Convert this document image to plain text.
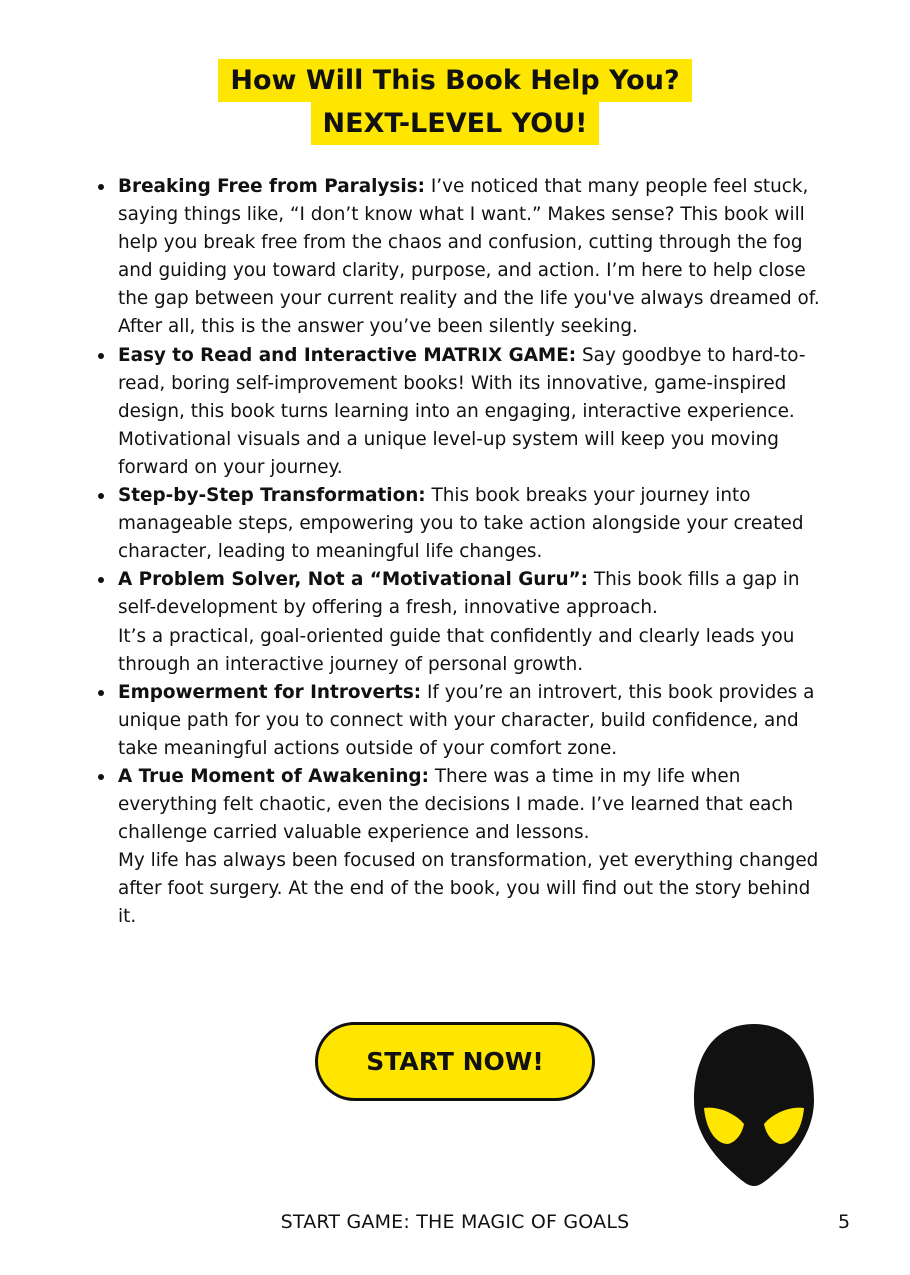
How Will This Book Help You?
NEXT-LEVEL YOU!
Breaking Free from Paralysis: I’ve noticed that many people feel stuck, saying things like, “I don’t know what I want.” Makes sense? This book will help you break free from the chaos and confusion, cutting through the fog and guiding you toward clarity, purpose, and action. I’m here to help close the gap between your current reality and the life you've always dreamed of. After all, this is the answer you’ve been silently seeking.
Easy to Read and Interactive MATRIX GAME: Say goodbye to hard-to-read, boring self-improvement books! With its innovative, game-inspired design, this book turns learning into an engaging, interactive experience. Motivational visuals and a unique level-up system will keep you moving forward on your journey.
Step-by-Step Transformation: This book breaks your journey into manageable steps, empowering you to take action alongside your created character, leading to meaningful life changes.
A Problem Solver, Not a “Motivational Guru”: This book fills a gap in self-development by offering a fresh, innovative approach.
It’s a practical, goal-oriented guide that confidently and clearly leads you through an interactive journey of personal growth.
Empowerment for Introverts: If you’re an introvert, this book provides a unique path for you to connect with your character, build confidence, and take meaningful actions outside of your comfort zone.
A True Moment of Awakening: There was a time in my life when everything felt chaotic, even the decisions I made. I’ve learned that each challenge carried valuable experience and lessons.
My life has always been focused on transformation, yet everything changed after foot surgery. At the end of the book, you will find out the story behind it.
START NOW!
START GAME: THE MAGIC OF GOALS	5
